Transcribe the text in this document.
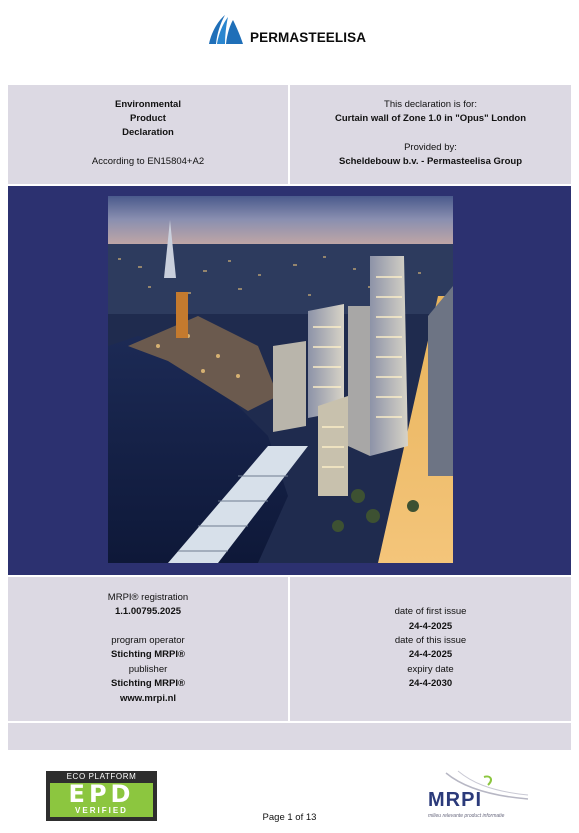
PERMASTEELISA
Environmental
Product
Declaration
According to EN15804+A2
This declaration is for:
Curtain wall of Zone 1.0 in "Opus" London
Provided by:
Scheldebouw b.v. - Permasteelisa Group
MRPI® registration
1.1.00795.2025
program operator
Stichting MRPI®
publisher
Stichting MRPI®
www.mrpi.nl
date of first issue
24-4-2025
date of this issue
24-4-2025
expiry date
24-4-2030
ECO PLATFORM
EPD
VERIFIED
Page 1 of 13
MRPI
milieu relevante product informatie
